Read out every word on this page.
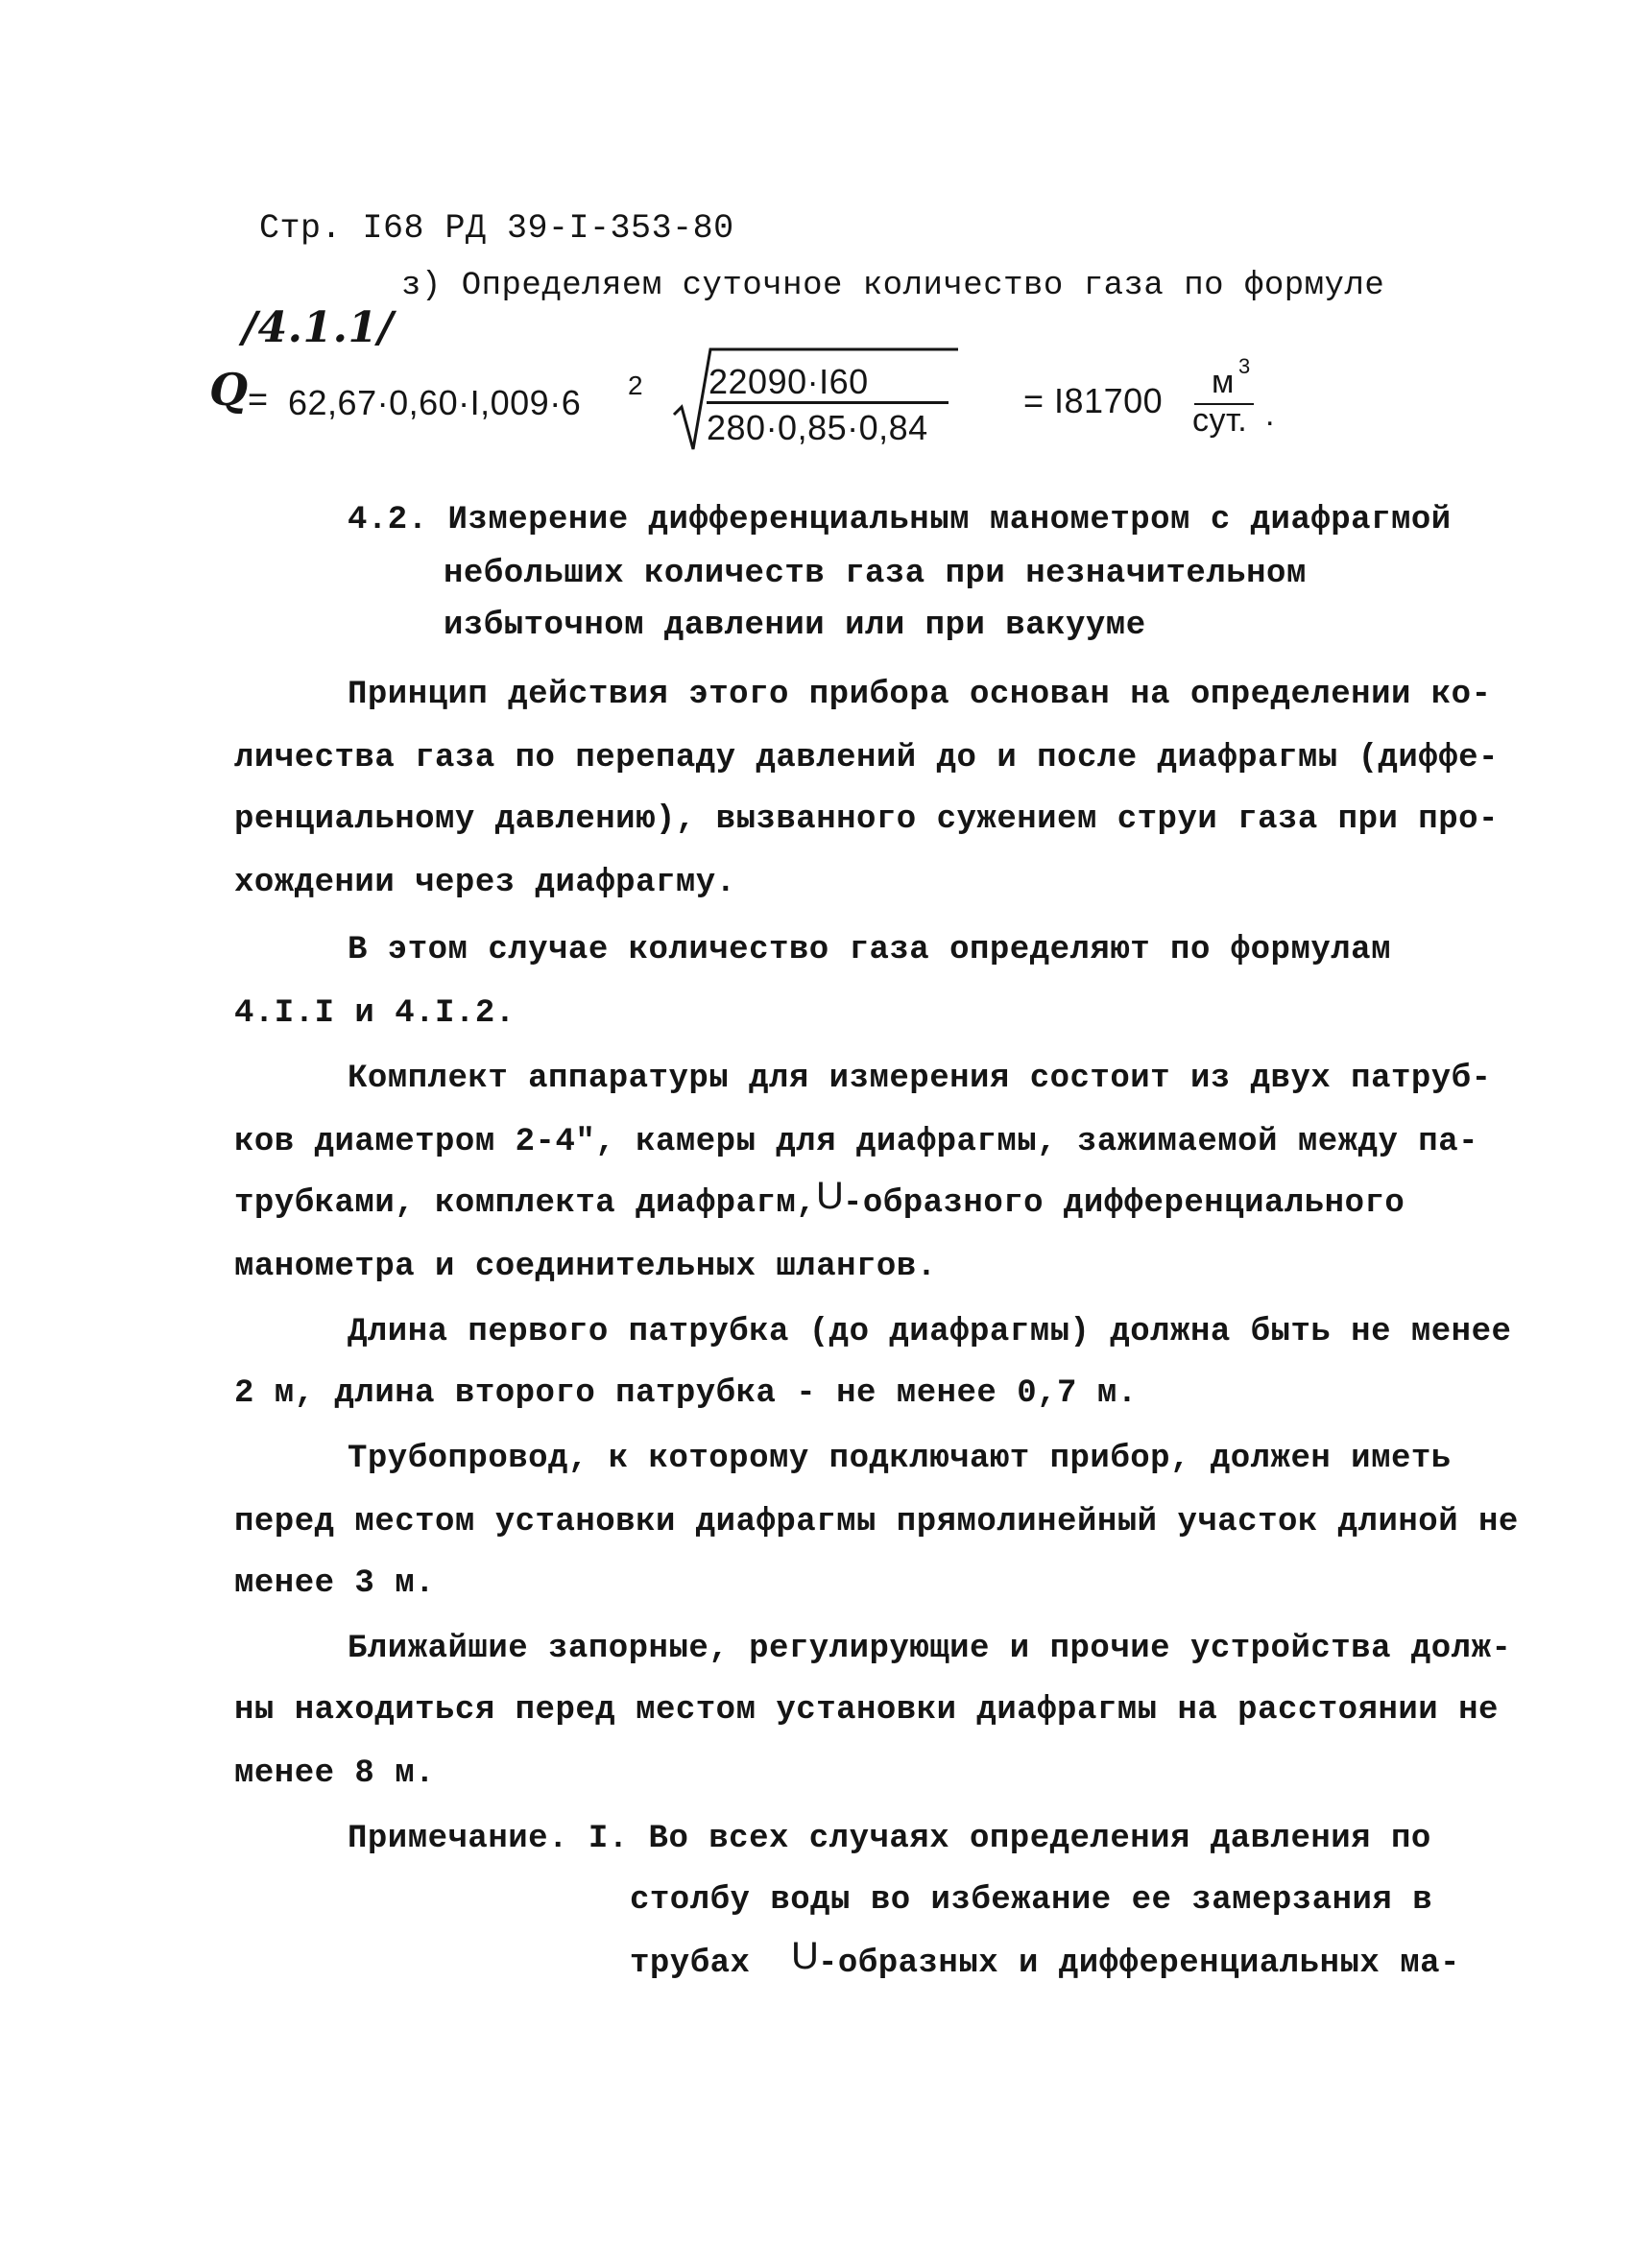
Стр. I68 РД 39-I-353-80
з) Определяем суточное количество газа по формуле
/4.1.1/
Q = 62,67·0,60·I,009·6 2 22090·I60
280·0,85·0,84
= I81700 м 3
сут. .
4.2. Измерение дифференциальным манометром с диафрагмой
небольших количеств газа при незначительном
избыточном давлении или при вакууме
Принцип действия этого прибора основан на определении ко-
личества газа по перепаду давлений до и после диафрагмы (диффе-
ренциальному давлению), вызванного сужением струи газа при про-
хождении через диафрагму.
В этом случае количество газа определяют по формулам
4.I.I и 4.I.2.
Комплект аппаратуры для измерения состоит из двух патруб-
ков диаметром 2-4", камеры для диафрагмы, зажимаемой между па-
трубками, комплекта диафрагм, U
-образного дифференциального
манометра и соединительных шлангов.
Длина первого патрубка (до диафрагмы) должна быть не менее
2 м, длина второго патрубка - не менее 0,7 м.
Трубопровод, к которому подключают прибор, должен иметь
перед местом установки диафрагмы прямолинейный участок длиной не
менее 3 м.
Ближайшие запорные, регулирующие и прочие устройства долж-
ны находиться перед местом установки диафрагмы на расстоянии не
менее 8 м.
Примечание. I. Во всех случаях определения давления по
столбу воды во избежание ее замерзания в
трубах U
-образных и дифференциальных ма-
